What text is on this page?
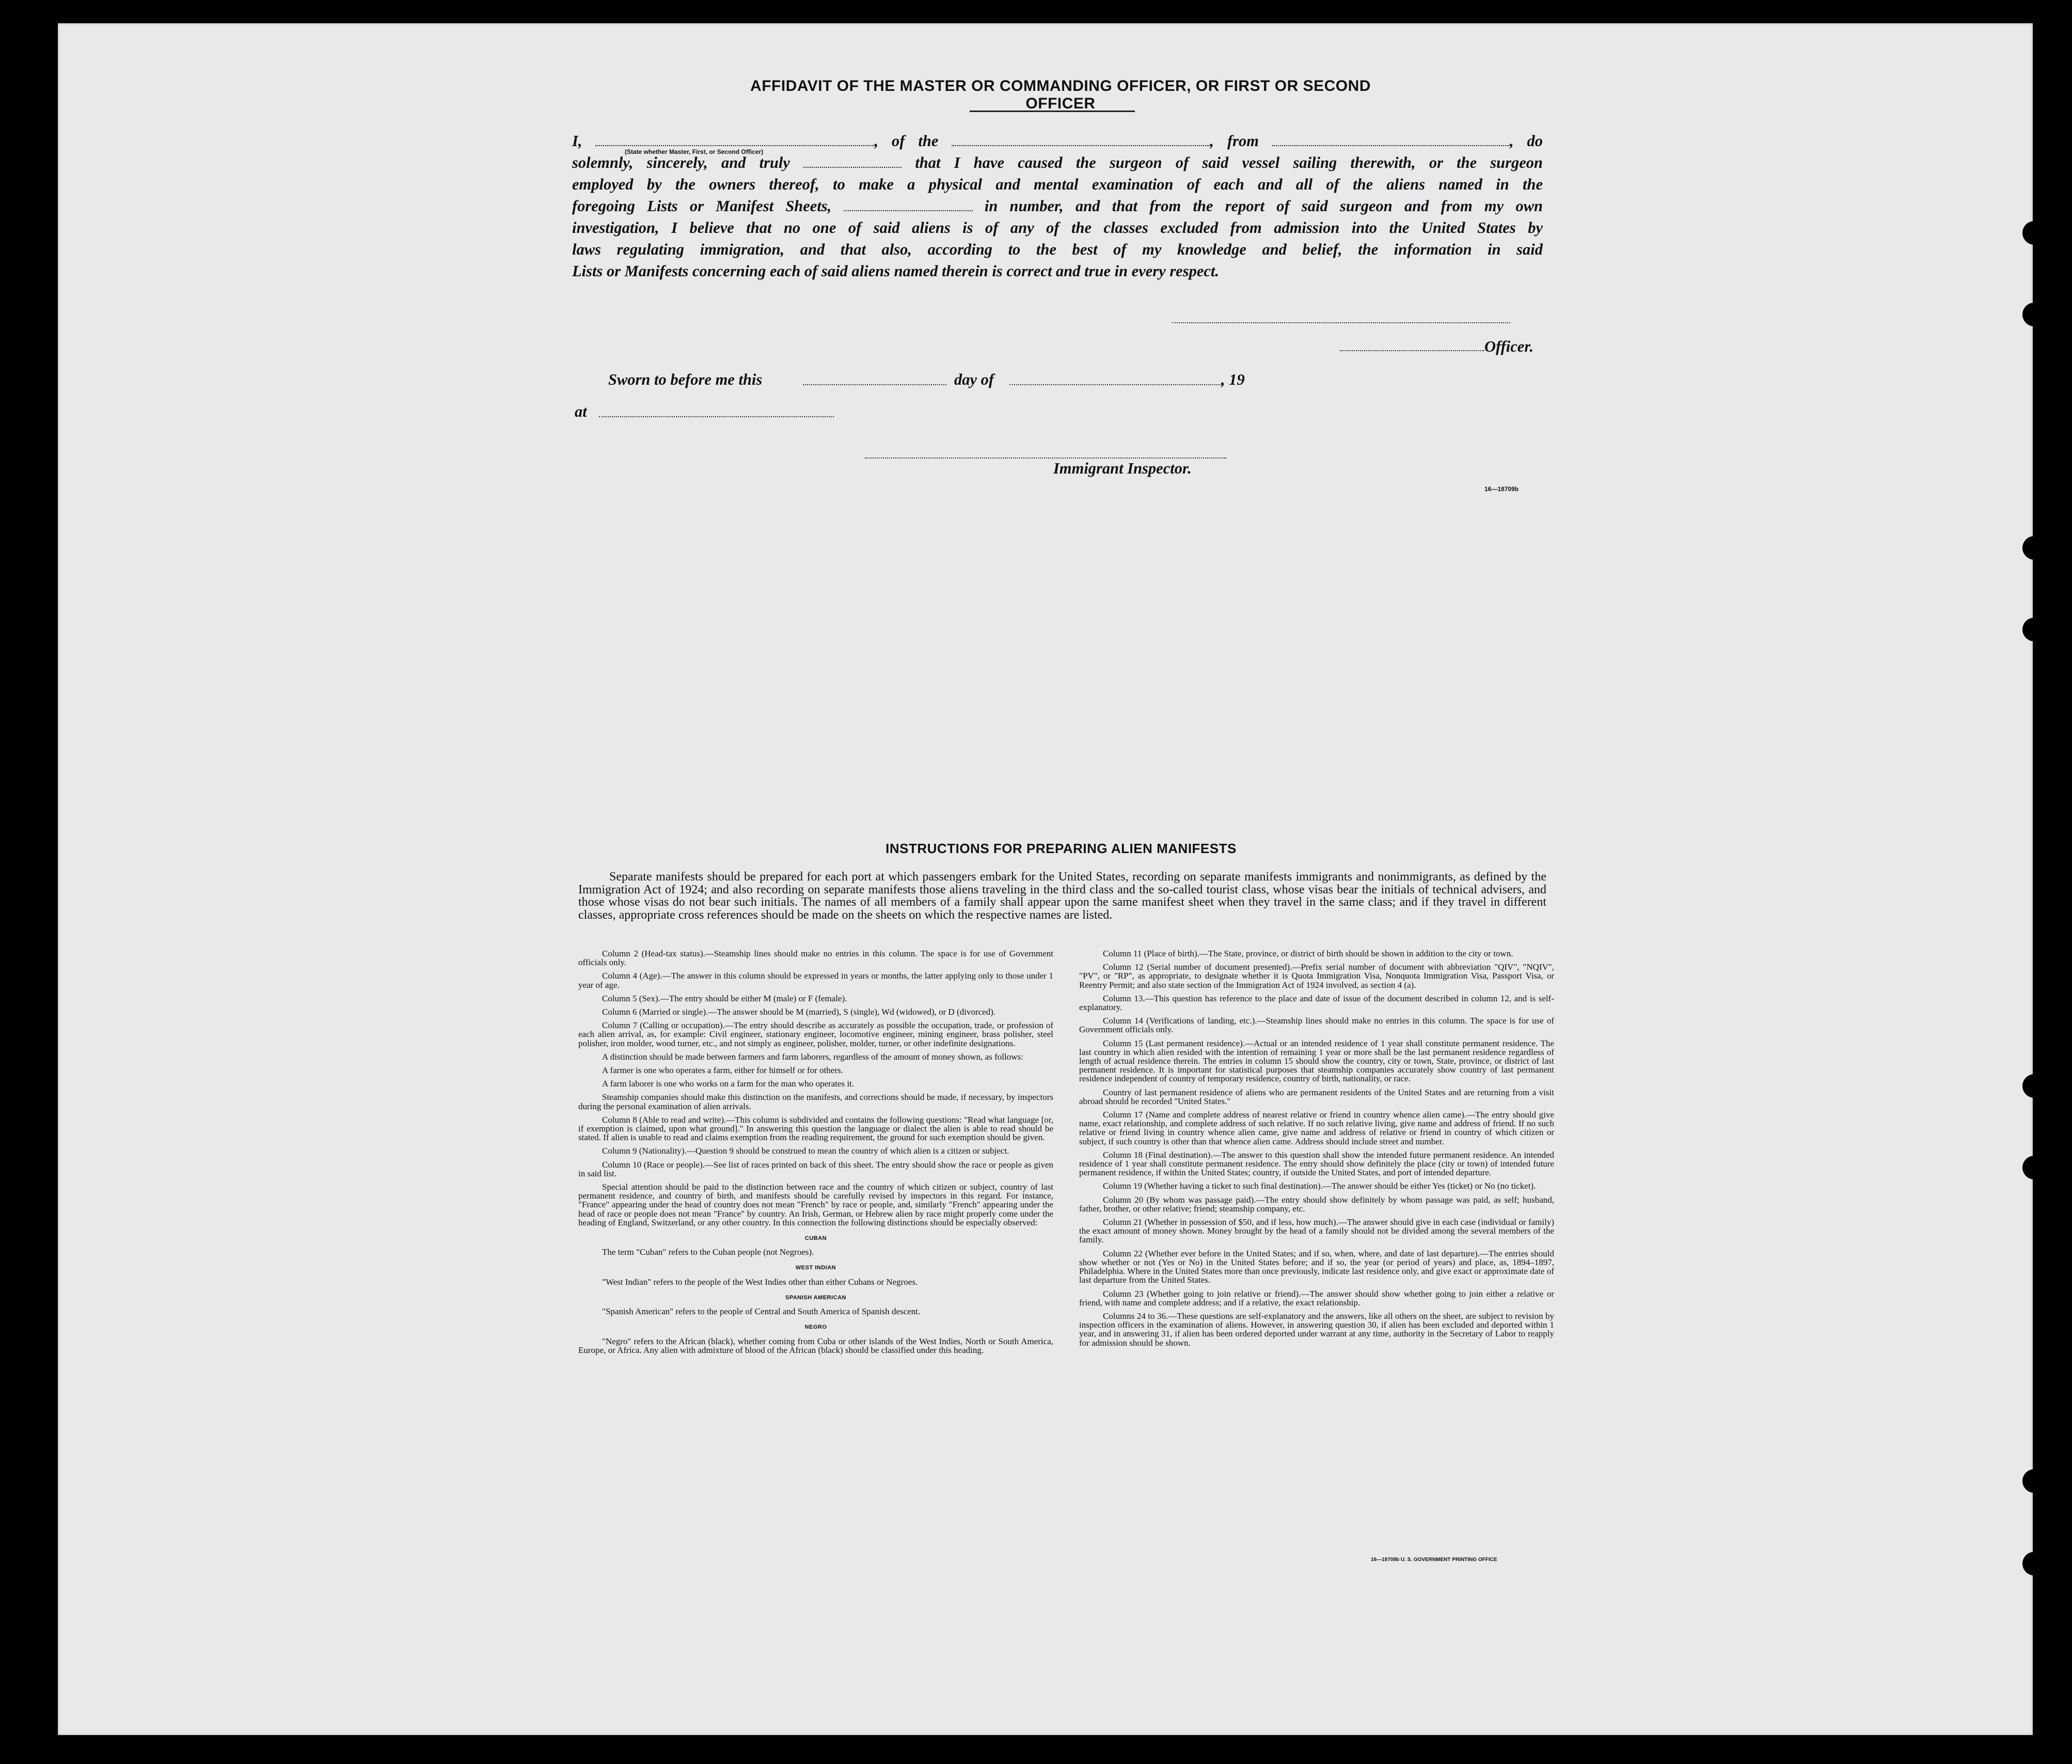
AFFIDAVIT OF THE MASTER OR COMMANDING OFFICER, OR FIRST OR SECOND OFFICER
I,	, of the	, from	, do
solemnly, sincerely, and truly	that I have caused the surgeon of said vessel sailing therewith, or the surgeon
employed by the owners thereof, to make a physical and mental examination of each and all of the aliens named in the
foregoing Lists or Manifest Sheets,	in number, and that from the report of said surgeon and from my own
investigation, I believe that no one of said aliens is of any of the classes excluded from admission into the United States by
laws regulating immigration, and that also, according to the best of my knowledge and belief, the information in said
Lists or Manifests concerning each of said aliens named therein is correct and true in every respect.
(State whether Master, First, or Second Officer)
Officer.
Sworn to before me this	day of	, 19
at
Immigrant Inspector.
16—18709b
INSTRUCTIONS FOR PREPARING ALIEN MANIFESTS
Separate manifests should be prepared for each port at which passengers embark for the United States, recording on separate manifests immigrants and nonimmigrants, as defined by the Immigration Act of 1924; and also recording on separate manifests those aliens traveling in the third class and the so-called tourist class, whose visas bear the initials of technical advisers, and those whose visas do not bear such initials. The names of all members of a family shall appear upon the same manifest sheet when they travel in the same class; and if they travel in different classes, appropriate cross references should be made on the sheets on which the respective names are listed.

Column 2 (Head-tax status).—Steamship lines should make no entries in this column. The space is for use of Government officials only.

Column 4 (Age).—The answer in this column should be expressed in years or months, the latter applying only to those under 1 year of age.

Column 5 (Sex).—The entry should be either M (male) or F (female).

Column 6 (Married or single).—The answer should be M (married), S (single), Wd (widowed), or D (divorced).

Column 7 (Calling or occupation).—The entry should describe as accurately as possible the occupation, trade, or profession of each alien arrival, as, for example: Civil engineer, stationary engineer, locomotive engineer, mining engineer, brass polisher, steel polisher, iron molder, wood turner, etc., and not simply as engineer, polisher, molder, turner, or other indefinite designations.

A distinction should be made between farmers and farm laborers, regardless of the amount of money shown, as follows:

A farmer is one who operates a farm, either for himself or for others.

A farm laborer is one who works on a farm for the man who operates it.

Steamship companies should make this distinction on the manifests, and corrections should be made, if necessary, by inspectors during the personal examination of alien arrivals.

Column 8 (Able to read and write).—This column is subdivided and contains the following questions: "Read what language [or, if exemption is claimed, upon what ground]." In answering this question the language or dialect the alien is able to read should be stated. If alien is unable to read and claims exemption from the reading requirement, the ground for such exemption should be given.

Column 9 (Nationality).—Question 9 should be construed to mean the country of which alien is a citizen or subject.

Column 10 (Race or people).—See list of races printed on back of this sheet. The entry should show the race or people as given in said list.

Special attention should be paid to the distinction between race and the country of which citizen or subject, country of last permanent residence, and country of birth, and manifests should be carefully revised by inspectors in this regard. For instance, "France" appearing under the head of country does not mean "French" by race or people, and, similarly "French" appearing under the head of race or people does not mean "France" by country. An Irish, German, or Hebrew alien by race might properly come under the heading of England, Switzerland, or any other country. In this connection the following distinctions should be especially observed:

CUBAN

The term "Cuban" refers to the Cuban people (not Negroes).

WEST INDIAN

"West Indian" refers to the people of the West Indies other than either Cubans or Negroes.

SPANISH AMERICAN

"Spanish American" refers to the people of Central and South America of Spanish descent.

NEGRO

"Negro" refers to the African (black), whether coming from Cuba or other islands of the West Indies, North or South America, Europe, or Africa. Any alien with admixture of blood of the African (black) should be classified under this heading.

Column 11 (Place of birth).—The State, province, or district of birth should be shown in addition to the city or town.

Column 12 (Serial number of document presented).—Prefix serial number of document with abbreviation "QIV", "NQIV", "PV", or "RP", as appropriate, to designate whether it is Quota Immigration Visa, Nonquota Immigration Visa, Passport Visa, or Reentry Permit; and also state section of the Immigration Act of 1924 involved, as section 4 (a).

Column 13.—This question has reference to the place and date of issue of the document described in column 12, and is self-explanatory.

Column 14 (Verifications of landing, etc.).—Steamship lines should make no entries in this column. The space is for use of Government officials only.

Column 15 (Last permanent residence).—Actual or an intended residence of 1 year shall constitute permanent residence. The last country in which alien resided with the intention of remaining 1 year or more shall be the last permanent residence regardless of length of actual residence therein. The entries in column 15 should show the country, city or town, State, province, or district of last permanent residence. It is important for statistical purposes that steamship companies accurately show country of last permanent residence independent of country of temporary residence, country of birth, nationality, or race.

Country of last permanent residence of aliens who are permanent residents of the United States and are returning from a visit abroad should be recorded "United States."

Column 17 (Name and complete address of nearest relative or friend in country whence alien came).—The entry should give name, exact relationship, and complete address of such relative. If no such relative living, give name and address of friend. If no such relative or friend living in country whence alien came, give name and address of relative or friend in country of which citizen or subject, if such country is other than that whence alien came. Address should include street and number.

Column 18 (Final destination).—The answer to this question shall show the intended future permanent residence. An intended residence of 1 year shall constitute permanent residence. The entry should show definitely the place (city or town) of intended future permanent residence, if within the United States; country, if outside the United States, and port of intended departure.

Column 19 (Whether having a ticket to such final destination).—The answer should be either Yes (ticket) or No (no ticket).

Column 20 (By whom was passage paid).—The entry should show definitely by whom passage was paid, as self; husband, father, brother, or other relative; friend; steamship company, etc.

Column 21 (Whether in possession of $50, and if less, how much).—The answer should give in each case (individual or family) the exact amount of money shown. Money brought by the head of a family should not be divided among the several members of the family.

Column 22 (Whether ever before in the United States; and if so, when, where, and date of last departure).—The entries should show whether or not (Yes or No) in the United States before; and if so, the year (or period of years) and place, as, 1894–1897, Philadelphia. Where in the United States more than once previously, indicate last residence only, and give exact or approximate date of last departure from the United States.

Column 23 (Whether going to join relative or friend).—The answer should show whether going to join either a relative or friend, with name and complete address; and if a relative, the exact relationship.

Columns 24 to 36.—These questions are self-explanatory and the answers, like all others on the sheet, are subject to revision by inspection officers in the examination of aliens. However, in answering question 30, if alien has been excluded and deported within 1 year, and in answering 31, if alien has been ordered deported under warrant at any time, authority in the Secretary of Labor to reapply for admission should be shown.

16—18709b U. S. GOVERNMENT PRINTING OFFICE
